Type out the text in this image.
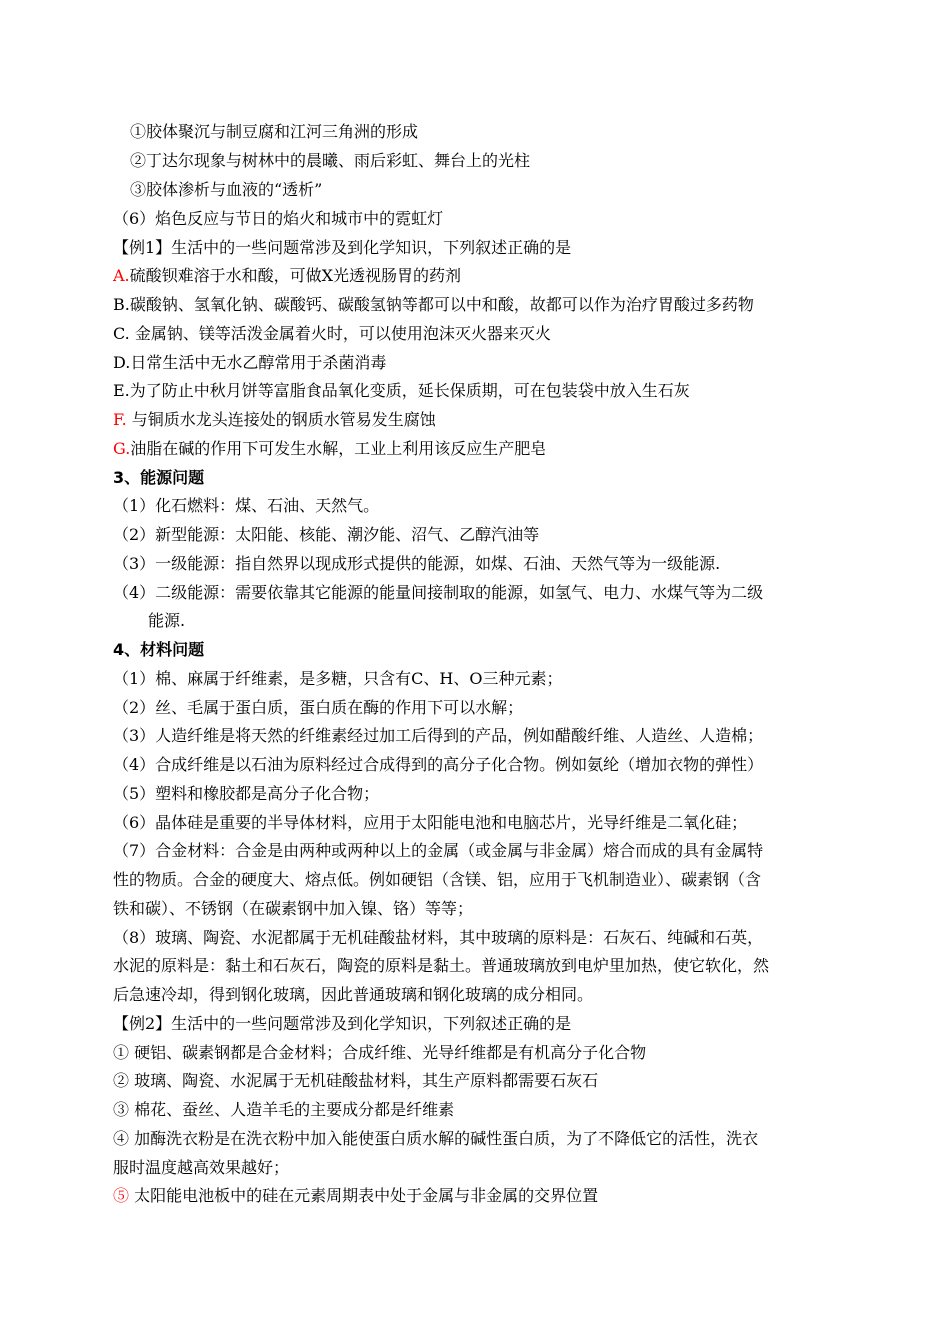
①胶体聚沉与制豆腐和江河三角洲的形成
②丁达尔现象与树林中的晨曦、雨后彩虹、舞台上的光柱
③胶体渗析与血液的“透析”
（6）焰色反应与节日的焰火和城市中的霓虹灯
【例1】生活中的一些问题常涉及到化学知识，下列叙述正确的是
A.硫酸钡难溶于水和酸，可做X光透视肠胃的药剂
B.碳酸钠、氢氧化钠、碳酸钙、碳酸氢钠等都可以中和酸，故都可以作为治疗胃酸过多药物
C. 金属钠、镁等活泼金属着火时，可以使用泡沫灭火器来灭火
D.日常生活中无水乙醇常用于杀菌消毒
E.为了防止中秋月饼等富脂食品氧化变质，延长保质期，可在包装袋中放入生石灰
F. 与铜质水龙头连接处的钢质水管易发生腐蚀
G.油脂在碱的作用下可发生水解，工业上利用该反应生产肥皂
3、能源问题
（1）化石燃料：煤、石油、天然气。
（2）新型能源：太阳能、核能、潮汐能、沼气、乙醇汽油等
（3）一级能源：指自然界以现成形式提供的能源，如煤、石油、天然气等为一级能源.
（4）二级能源：需要依靠其它能源的能量间接制取的能源，如氢气、电力、水煤气等为二级
能源.
4、材料问题
（1）棉、麻属于纤维素，是多糖，只含有C、H、O三种元素；
（2）丝、毛属于蛋白质，蛋白质在酶的作用下可以水解；
（3）人造纤维是将天然的纤维素经过加工后得到的产品，例如醋酸纤维、人造丝、人造棉；
（4）合成纤维是以石油为原料经过合成得到的高分子化合物。例如氨纶（增加衣物的弹性）
（5）塑料和橡胶都是高分子化合物；
（6）晶体硅是重要的半导体材料，应用于太阳能电池和电脑芯片，光导纤维是二氧化硅；
（7）合金材料：合金是由两种或两种以上的金属（或金属与非金属）熔合而成的具有金属特
性的物质。合金的硬度大、熔点低。例如硬铝（含镁、铝，应用于飞机制造业）、碳素钢（含
铁和碳）、不锈钢（在碳素钢中加入镍、铬）等等；
（8）玻璃、陶瓷、水泥都属于无机硅酸盐材料，其中玻璃的原料是：石灰石、纯碱和石英，
水泥的原料是：黏土和石灰石，陶瓷的原料是黏土。普通玻璃放到电炉里加热，使它软化，然
后急速冷却，得到钢化玻璃，因此普通玻璃和钢化玻璃的成分相同。
【例2】生活中的一些问题常涉及到化学知识，下列叙述正确的是
① 硬铝、碳素钢都是合金材料；合成纤维、光导纤维都是有机高分子化合物
② 玻璃、陶瓷、水泥属于无机硅酸盐材料，其生产原料都需要石灰石
③ 棉花、蚕丝、人造羊毛的主要成分都是纤维素
④ 加酶洗衣粉是在洗衣粉中加入能使蛋白质水解的碱性蛋白质，为了不降低它的活性，洗衣
服时温度越高效果越好；
⑤ 太阳能电池板中的硅在元素周期表中处于金属与非金属的交界位置
